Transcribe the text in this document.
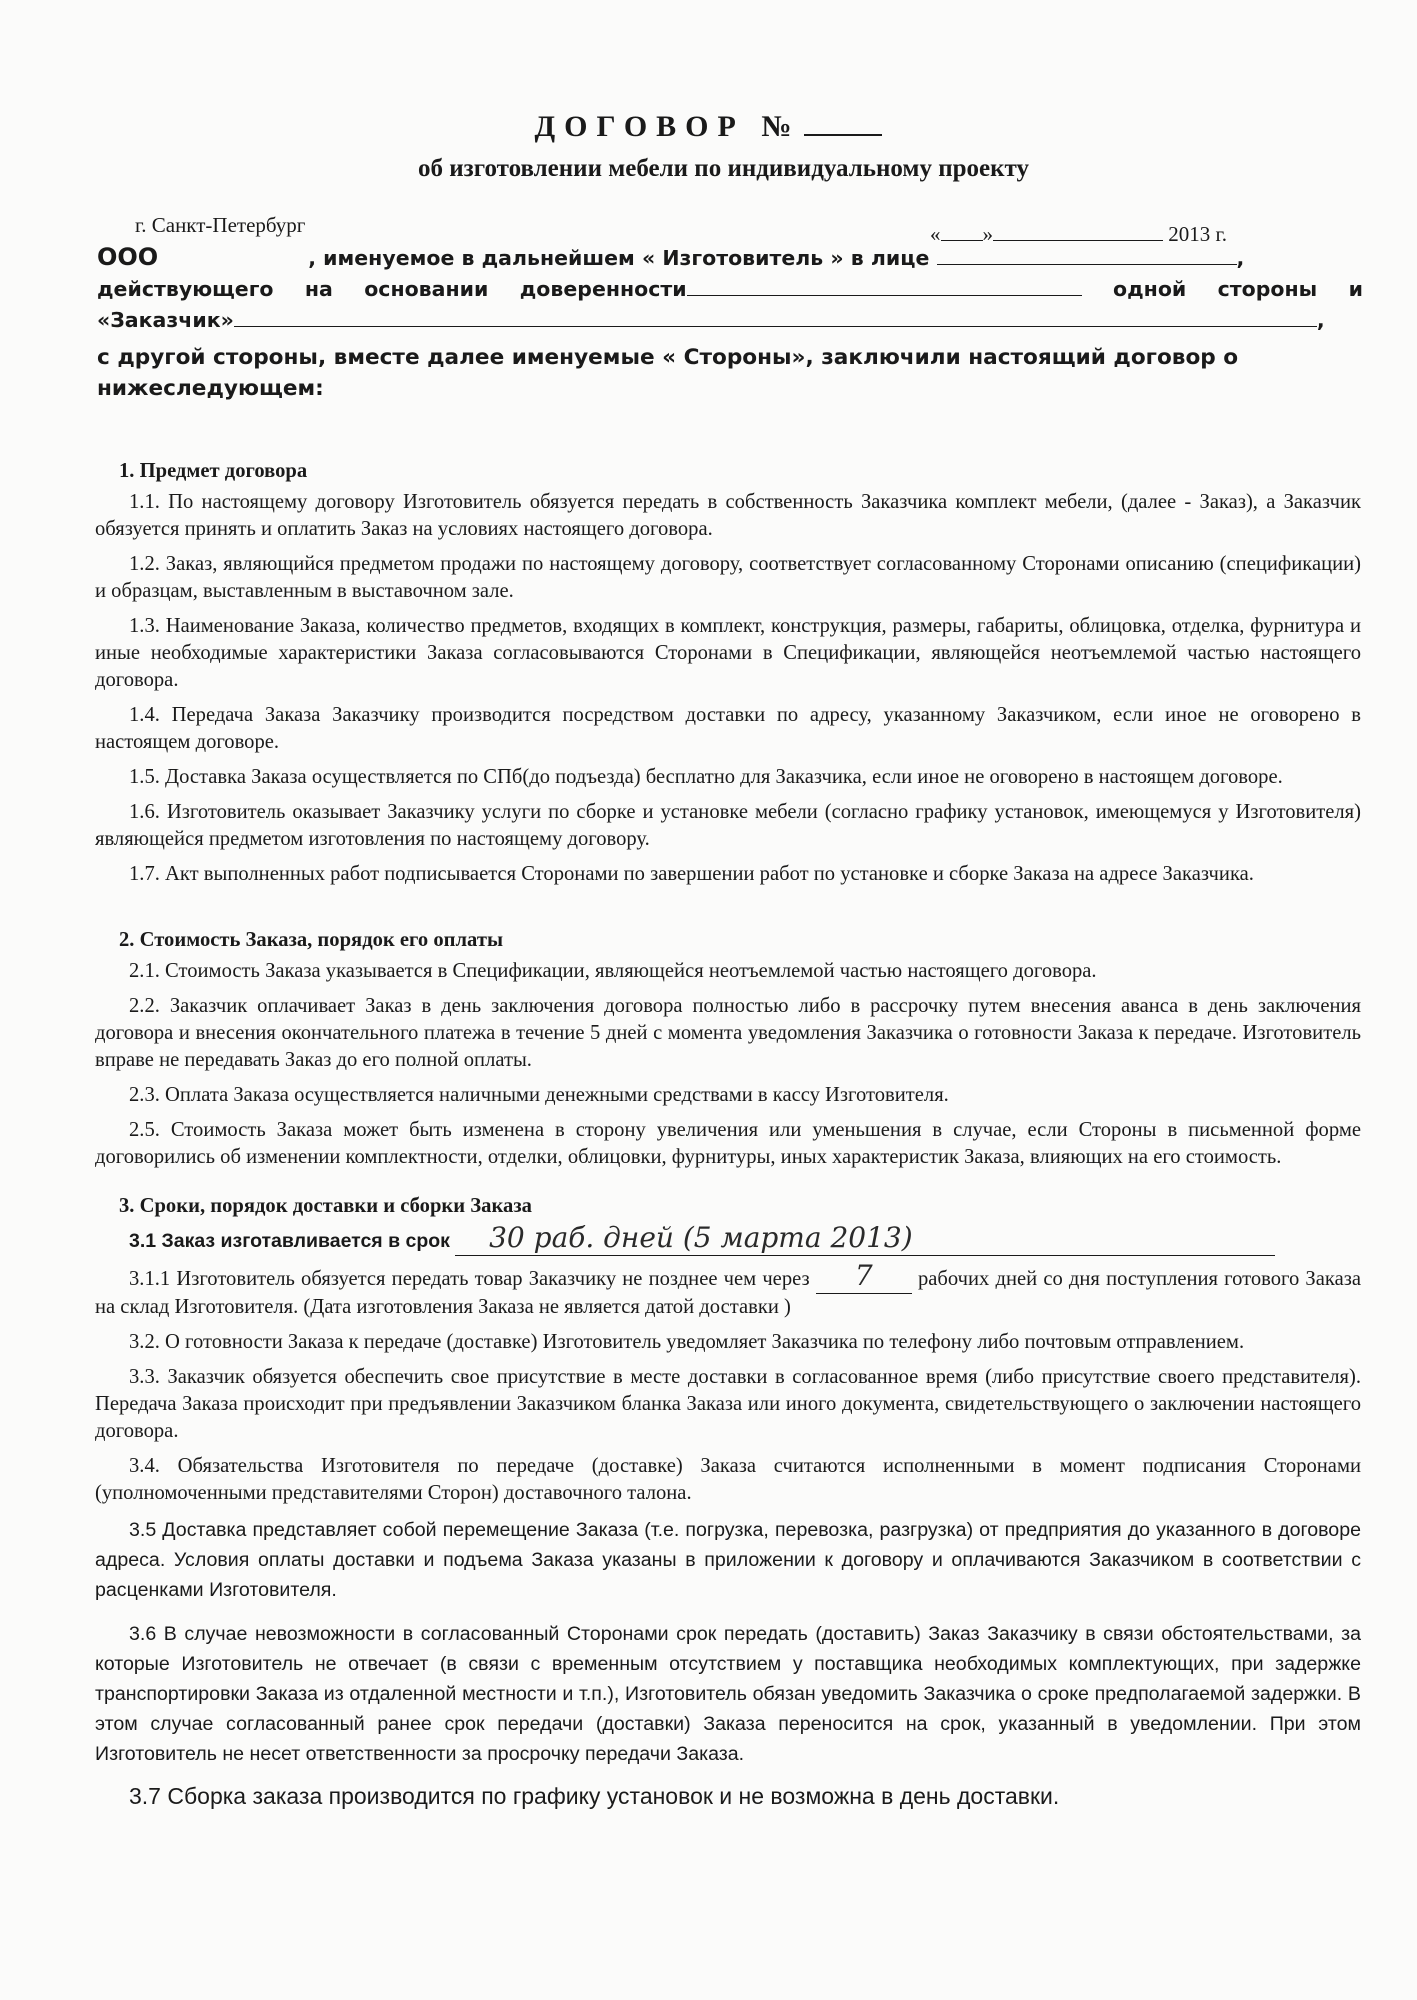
ДОГОВОР №
об изготовлении мебели по индивидуальному проекту
г. Санкт-Петербург	« »	2013 г.
ООО	, именуемое в дальнейшем « Изготовитель » в лице	,
действующего на основании доверенности	одной стороны и
«Заказчик»	,
с другой стороны, вместе далее именуемые « Стороны», заключили настоящий договор о
нижеследующем:
1. Предмет договора

1.1. По настоящему договору Изготовитель обязуется передать в собственность Заказчика комплект мебели, (далее - Заказ), а Заказчик обязуется принять и оплатить Заказ на условиях настоящего договора.

1.2. Заказ, являющийся предметом продажи по настоящему договору, соответствует согласованному Сторонами описанию (спецификации) и образцам, выставленным в выставочном зале.

1.3. Наименование Заказа, количество предметов, входящих в комплект, конструкция, размеры, габариты, облицовка, отделка, фурнитура и иные необходимые характеристики Заказа согласовываются Сторонами в Спецификации, являющейся неотъемлемой частью настоящего договора.

1.4. Передача Заказа Заказчику производится посредством доставки по адресу, указанному Заказчиком, если иное не оговорено в настоящем договоре.

1.5. Доставка Заказа осуществляется по СПб(до подъезда) бесплатно для Заказчика, если иное не оговорено в настоящем договоре.

1.6. Изготовитель оказывает Заказчику услуги по сборке и установке мебели (согласно графику установок, имеющемуся у Изготовителя) являющейся предметом изготовления по настоящему договору.

1.7. Акт выполненных работ подписывается Сторонами по завершении работ по установке и сборке Заказа на адресе Заказчика.

2. Стоимость Заказа, порядок его оплаты

2.1. Стоимость Заказа указывается в Спецификации, являющейся неотъемлемой частью настоящего договора.

2.2. Заказчик оплачивает Заказ в день заключения договора полностью либо в рассрочку путем внесения аванса в день заключения договора и внесения окончательного платежа в течение 5 дней с момента уведомления Заказчика о готовности Заказа к передаче. Изготовитель вправе не передавать Заказ до его полной оплаты.

2.3. Оплата Заказа осуществляется наличными денежными средствами в кассу Изготовителя.

2.5. Стоимость Заказа может быть изменена в сторону увеличения или уменьшения в случае, если Стороны в письменной форме договорились об изменении комплектности, отделки, облицовки, фурнитуры, иных характеристик Заказа, влияющих на его стоимость.

3. Сроки, порядок доставки и сборки Заказа

3.1 Заказ изготавливается в срок 30 раб. дней (5 марта 2013)

3.1.1 Изготовитель обязуется передать товар Заказчику не позднее чем через 7 рабочих дней со дня поступления готового Заказа на склад Изготовителя. (Дата изготовления Заказа не является датой доставки )

3.2. О готовности Заказа к передаче (доставке) Изготовитель уведомляет Заказчика по телефону либо почтовым отправлением.

3.3. Заказчик обязуется обеспечить свое присутствие в месте доставки в согласованное время (либо присутствие своего представителя). Передача Заказа происходит при предъявлении Заказчиком бланка Заказа или иного документа, свидетельствующего о заключении настоящего договора.

3.4. Обязательства Изготовителя по передаче (доставке) Заказа считаются исполненными в момент подписания Сторонами (уполномоченными представителями Сторон) доставочного талона.

3.5 Доставка представляет собой перемещение Заказа (т.е. погрузка, перевозка, разгрузка) от предприятия до указанного в договоре адреса. Условия оплаты доставки и подъема Заказа указаны в приложении к договору и оплачиваются Заказчиком в соответствии с расценками Изготовителя.

3.6 В случае невозможности в согласованный Сторонами срок передать (доставить) Заказ Заказчику в связи обстоятельствами, за которые Изготовитель не отвечает (в связи с временным отсутствием у поставщика необходимых комплектующих, при задержке транспортировки Заказа из отдаленной местности и т.п.), Изготовитель обязан уведомить Заказчика о сроке предполагаемой задержки. В этом случае согласованный ранее срок передачи (доставки) Заказа переносится на срок, указанный в уведомлении. При этом Изготовитель не несет ответственности за просрочку передачи Заказа.

3.7 Сборка заказа производится по графику установок и не возможна в день доставки.
